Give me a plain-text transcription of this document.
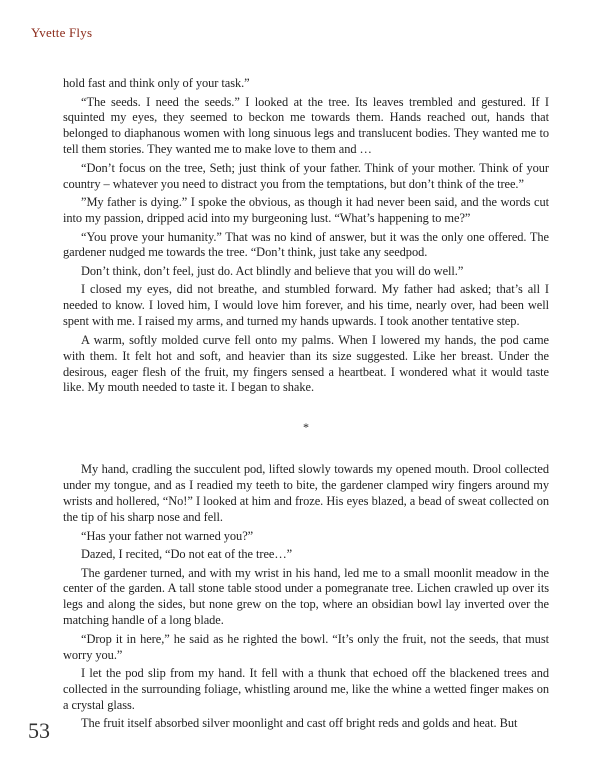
Yvette Flys

hold fast and think only of your task.”

“The seeds. I need the seeds.” I looked at the tree. Its leaves trembled and gestured. If I squinted my eyes, they seemed to beckon me towards them. Hands reached out, hands that belonged to diaphanous women with long sinuous legs and translucent bodies. They wanted me to tell them stories. They wanted me to make love to them and …

“Don’t focus on the tree, Seth; just think of your father. Think of your mother. Think of your country – whatever you need to distract you from the temptations, but don’t think of the tree.”

”My father is dying.” I spoke the obvious, as though it had never been said, and the words cut into my passion, dripped acid into my burgeoning lust. “What’s happening to me?”

“You prove your humanity.” That was no kind of answer, but it was the only one offered. The gardener nudged me towards the tree. “Don’t think, just take any seedpod.

Don’t think, don’t feel, just do. Act blindly and believe that you will do well.”

I closed my eyes, did not breathe, and stumbled forward. My father had asked; that’s all I needed to know. I loved him, I would love him forever, and his time, nearly over, had been well spent with me. I raised my arms, and turned my hands upwards. I took another tentative step.

A warm, softly molded curve fell onto my palms. When I lowered my hands, the pod came with them. It felt hot and soft, and heavier than its size suggested. Like her breast. Under the desirous, eager flesh of the fruit, my fingers sensed a heartbeat. I wondered what it would taste like. My mouth needed to taste it. I began to shake.

*

My hand, cradling the succulent pod, lifted slowly towards my opened mouth. Drool collected under my tongue, and as I readied my teeth to bite, the gardener clamped wiry fingers around my wrists and hollered, “No!” I looked at him and froze. His eyes blazed, a bead of sweat collected on the tip of his sharp nose and fell.

“Has your father not warned you?”

Dazed, I recited, “Do not eat of the tree…”

The gardener turned, and with my wrist in his hand, led me to a small moonlit meadow in the center of the garden. A tall stone table stood under a pomegranate tree. Lichen crawled up over its legs and along the sides, but none grew on the top, where an obsidian bowl lay inverted over the matching handle of a long blade.

“Drop it in here,” he said as he righted the bowl. “It’s only the fruit, not the seeds, that must worry you.”

I let the pod slip from my hand. It fell with a thunk that echoed off the blackened trees and collected in the surrounding foliage, whistling around me, like the whine a wetted finger makes on a crystal glass.

The fruit itself absorbed silver moonlight and cast off bright reds and golds and heat. But

53
